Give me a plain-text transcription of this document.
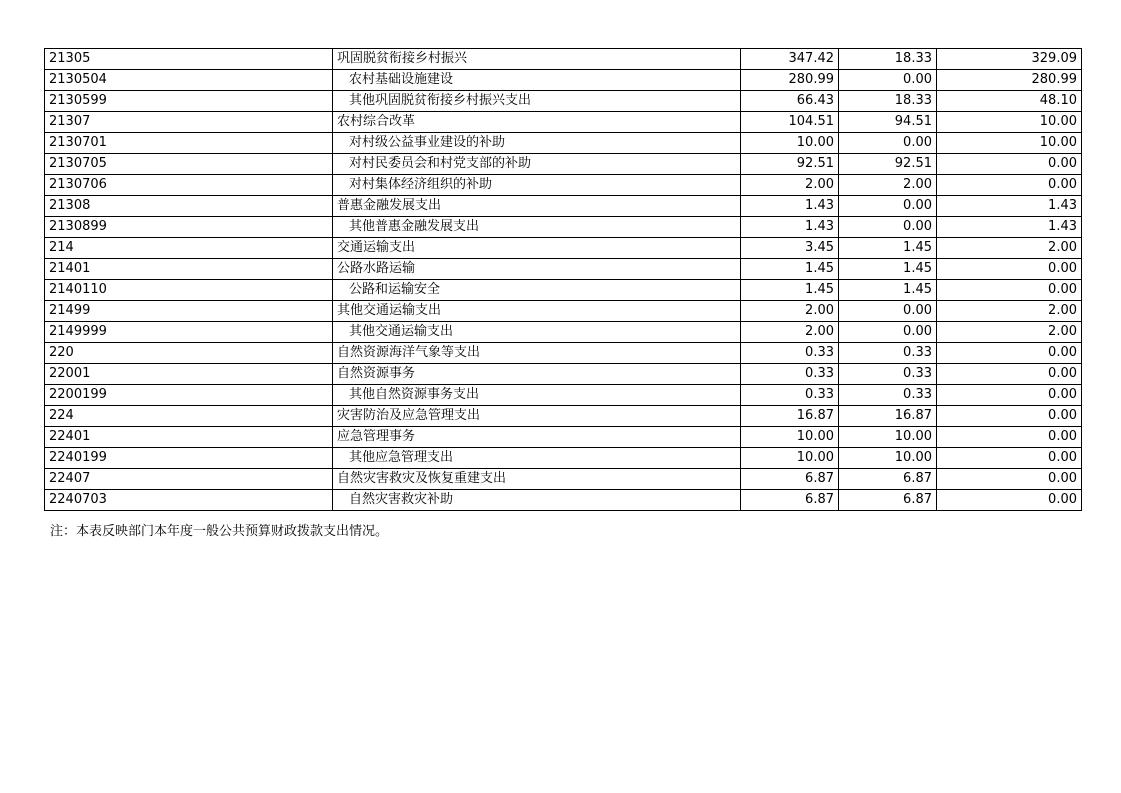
21305	巩固脱贫衔接乡村振兴	347.42	18.33	329.09
2130504	农村基础设施建设	280.99	0.00	280.99
2130599	其他巩固脱贫衔接乡村振兴支出	66.43	18.33	48.10
21307	农村综合改革	104.51	94.51	10.00
2130701	对村级公益事业建设的补助	10.00	0.00	10.00
2130705	对村民委员会和村党支部的补助	92.51	92.51	0.00
2130706	对村集体经济组织的补助	2.00	2.00	0.00
21308	普惠金融发展支出	1.43	0.00	1.43
2130899	其他普惠金融发展支出	1.43	0.00	1.43
214	交通运输支出	3.45	1.45	2.00
21401	公路水路运输	1.45	1.45	0.00
2140110	公路和运输安全	1.45	1.45	0.00
21499	其他交通运输支出	2.00	0.00	2.00
2149999	其他交通运输支出	2.00	0.00	2.00
220	自然资源海洋气象等支出	0.33	0.33	0.00
22001	自然资源事务	0.33	0.33	0.00
2200199	其他自然资源事务支出	0.33	0.33	0.00
224	灾害防治及应急管理支出	16.87	16.87	0.00
22401	应急管理事务	10.00	10.00	0.00
2240199	其他应急管理支出	10.00	10.00	0.00
22407	自然灾害救灾及恢复重建支出	6.87	6.87	0.00
2240703	自然灾害救灾补助	6.87	6.87	0.00
注：本表反映部门本年度一般公共预算财政拨款支出情况。
